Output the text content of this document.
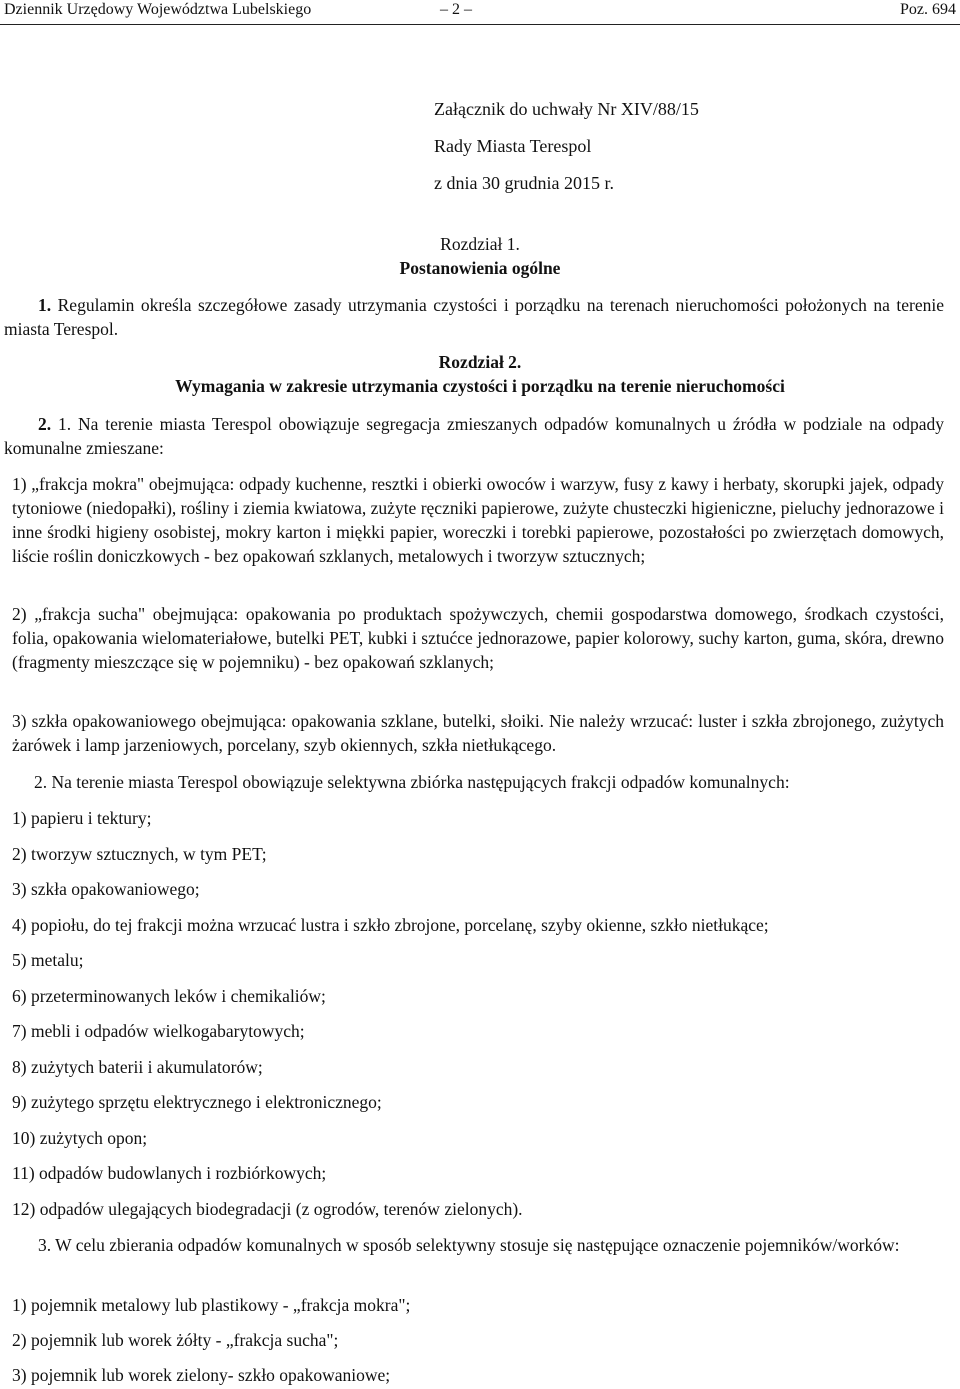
Dziennik Urzędowy Województwa Lubelskiego	– 2 –	Poz. 694
Załącznik do uchwały Nr XIV/88/15
Rady Miasta Terespol
z dnia 30 grudnia 2015 r.
Rozdział 1.
Postanowienia ogólne

1. Regulamin określa szczegółowe zasady utrzymania czystości i porządku na terenach nieruchomości położonych na terenie miasta Terespol.

Rozdział 2.
Wymagania w zakresie utrzymania czystości i porządku na terenie nieruchomości

2. 1. Na terenie miasta Terespol obowiązuje segregacja zmieszanych odpadów komunalnych u źródła w podziale na odpady komunalne zmieszane:

1) „frakcja mokra" obejmująca: odpady kuchenne, resztki i obierki owoców i warzyw, fusy z kawy i herbaty, skorupki jajek, odpady tytoniowe (niedopałki), rośliny i ziemia kwiatowa, zużyte ręczniki papierowe, zużyte chusteczki higieniczne, pieluchy jednorazowe i inne środki higieny osobistej, mokry karton i miękki papier, woreczki i torebki papierowe, pozostałości po zwierzętach domowych, liście roślin doniczkowych - bez opakowań szklanych, metalowych i tworzyw sztucznych;

2) „frakcja sucha" obejmująca: opakowania po produktach spożywczych, chemii gospodarstwa domowego, środkach czystości, folia, opakowania wielomateriałowe, butelki PET, kubki i sztućce jednorazowe, papier kolorowy, suchy karton, guma, skóra, drewno (fragmenty mieszczące się w pojemniku) - bez opakowań szklanych;

3) szkła opakowaniowego obejmująca: opakowania szklane, butelki, słoiki. Nie należy wrzucać: luster i szkła zbrojonego, zużytych żarówek i lamp jarzeniowych, porcelany, szyb okiennych, szkła nietłukącego.

2. Na terenie miasta Terespol obowiązuje selektywna zbiórka następujących frakcji odpadów komunalnych:

1) papieru i tektury;

2) tworzyw sztucznych, w tym PET;

3) szkła opakowaniowego;

4) popiołu, do tej frakcji można wrzucać lustra i szkło zbrojone, porcelanę, szyby okienne, szkło nietłukące;

5) metalu;

6) przeterminowanych leków i chemikaliów;

7) mebli i odpadów wielkogabarytowych;

8) zużytych baterii i akumulatorów;

9) zużytego sprzętu elektrycznego i elektronicznego;

10) zużytych opon;

11) odpadów budowlanych i rozbiórkowych;

12) odpadów ulegających biodegradacji (z ogrodów, terenów zielonych).

3. W celu zbierania odpadów komunalnych w sposób selektywny stosuje się następujące oznaczenie pojemników/worków:

1) pojemnik metalowy lub plastikowy - „frakcja mokra";

2) pojemnik lub worek żółty - „frakcja sucha";

3) pojemnik lub worek zielony- szkło opakowaniowe;
